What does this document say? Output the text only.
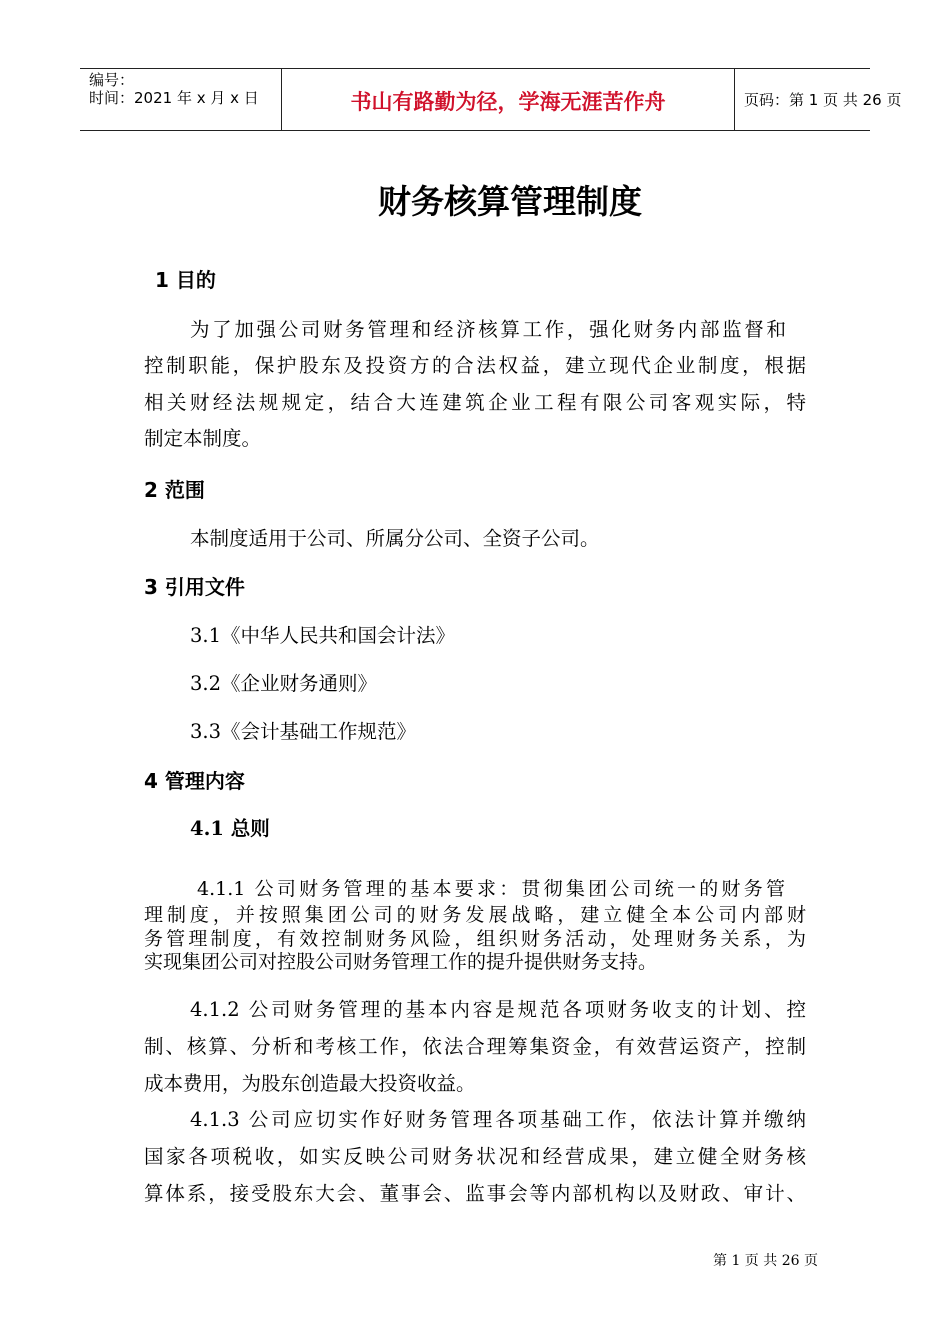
编号：
时间：2021 年 x 月 x 日	书山有路勤为径，学海无涯苦作舟	页码：第 1 页 共 26 页
财务核算管理制度
1 目的
为了加强公司财务管理和经济核算工作，强化财务内部监督和
控制职能，保护股东及投资方的合法权益，建立现代企业制度，根据
相关财经法规规定，结合大连建筑企业工程有限公司客观实际，特
制定本制度。
2 范围
本制度适用于公司、所属分公司、全资子公司。
3 引用文件
3.1《中华人民共和国会计法》
3.2《企业财务通则》
3.3《会计基础工作规范》
4 管理内容
4.1 总则
4.1.1 公司财务管理的基本要求：贯彻集团公司统一的财务管
理制度，并按照集团公司的财务发展战略，建立健全本公司内部财
务管理制度，有效控制财务风险，组织财务活动，处理财务关系，为
实现集团公司对控股公司财务管理工作的提升提供财务支持。
4.1.2 公司财务管理的基本内容是规范各项财务收支的计划、控
制、核算、分析和考核工作，依法合理筹集资金，有效营运资产，控制
成本费用，为股东创造最大投资收益。
4.1.3 公司应切实作好财务管理各项基础工作，依法计算并缴纳
国家各项税收，如实反映公司财务状况和经营成果，建立健全财务核
算体系，接受股东大会、董事会、监事会等内部机构以及财政、审计、
第 1 页 共 26 页
